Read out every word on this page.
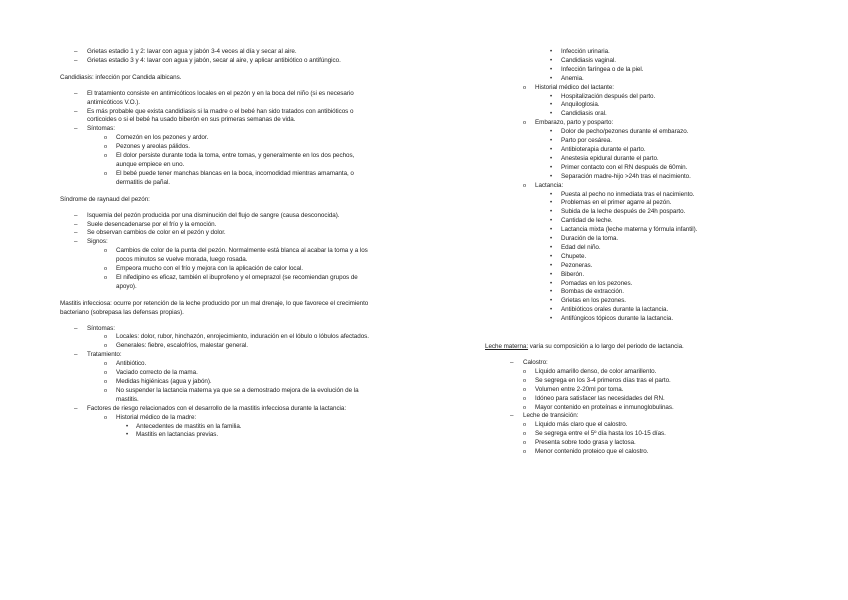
– Grietas estadio 1 y 2: lavar con agua y jabón 3-4 veces al día y secar al aire.
– Grietas estadio 3 y 4: lavar con agua y jabón, secar al aire, y aplicar antibiótico o antifúngico.
Candidiasis: infección por Candida albicans.
– El tratamiento consiste en antimicóticos locales en el pezón y en la boca del niño (si es necesario antimicóticos V.O.).
– Es más probable que exista candidiasis si la madre o el bebé han sido tratados con antibióticos o corticoides o si el bebé ha usado biberón en sus primeras semanas de vida.
– Síntomas:
o Comezón en los pezones y ardor.
o Pezones y areolas pálidos.
o El dolor persiste durante toda la toma, entre tomas, y generalmente en los dos pechos, aunque empiece en uno.
o El bebé puede tener manchas blancas en la boca, incomodidad mientras amamanta, o dermatitis de pañal.
Síndrome de raynaud del pezón:
– Isquemia del pezón producida por una disminución del flujo de sangre (causa desconocida).
– Suele desencadenarse por el frío y la emoción.
– Se observan cambios de color en el pezón y dolor.
– Signos:
o Cambios de color de la punta del pezón. Normalmente está blanca al acabar la toma y a los pocos minutos se vuelve morada, luego rosada.
o Empeora mucho con el frío y mejora con la aplicación de calor local.
o El nifedipino es eficaz, también el ibuprofeno y el omeprazol (se recomiendan grupos de apoyo).
Mastitis infecciosa: ocurre por retención de la leche producido por un mal drenaje, lo que favorece el crecimiento bacteriano (sobrepasa las defensas propias).
– Síntomas:
o Locales: dolor, rubor, hinchazón, enrojecimiento, induración en el lóbulo o lóbulos afectados.
o Generales: fiebre, escalofríos, malestar general.
– Tratamiento:
o Antibiótico.
o Vaciado correcto de la mama.
o Medidas higiénicas (agua y jabón).
o No suspender la lactancia materna ya que se a demostrado mejora de la evolución de la mastitis.
– Factores de riesgo relacionados con el desarrollo de la mastitis infecciosa durante la lactancia:
o Historial médico de la madre:
• Antecedentes de mastitis en la familia.
• Mastitis en lactancias previas.
• Infección urinaria.
• Candidiasis vaginal.
• Infección faríngea o de la piel.
• Anemia.
o Historial médico del lactante:
• Hospitalización después del parto.
• Anquiloglosia.
• Candidiasis oral.
o Embarazo, parto y posparto:
• Dolor de pecho/pezones durante el embarazo.
• Parto por cesárea.
• Antibioterapia durante el parto.
• Anestesia epidural durante el parto.
• Primer contacto con el RN después de 60min.
• Separación madre-hijo >24h tras el nacimiento.
o Lactancia:
• Puesta al pecho no inmediata tras el nacimiento.
• Problemas en el primer agarre al pezón.
• Subida de la leche después de 24h posparto.
• Cantidad de leche.
• Lactancia mixta (leche materna y fórmula infantil).
• Duración de la toma.
• Edad del niño.
• Chupete.
• Pezoneras.
• Biberón.
• Pomadas en los pezones.
• Bombas de extracción.
• Grietas en los pezones.
• Antibióticos orales durante la lactancia.
• Antifúngicos tópicos durante la lactancia.
Leche materna: varía su composición a lo largo del periodo de lactancia.
– Calostro:
o Líquido amarillo denso, de color amarillento.
o Se segrega en los 3-4 primeros días tras el parto.
o Volumen entre 2-20ml por toma.
o Idóneo para satisfacer las necesidades del RN.
o Mayor contenido en proteínas e inmunoglobulinas.
– Leche de transición:
o Líquido más claro que el calostro.
o Se segrega entre el 5º día hasta los 10-15 días.
o Presenta sobre todo grasa y lactosa.
o Menor contenido proteico que el calostro.
